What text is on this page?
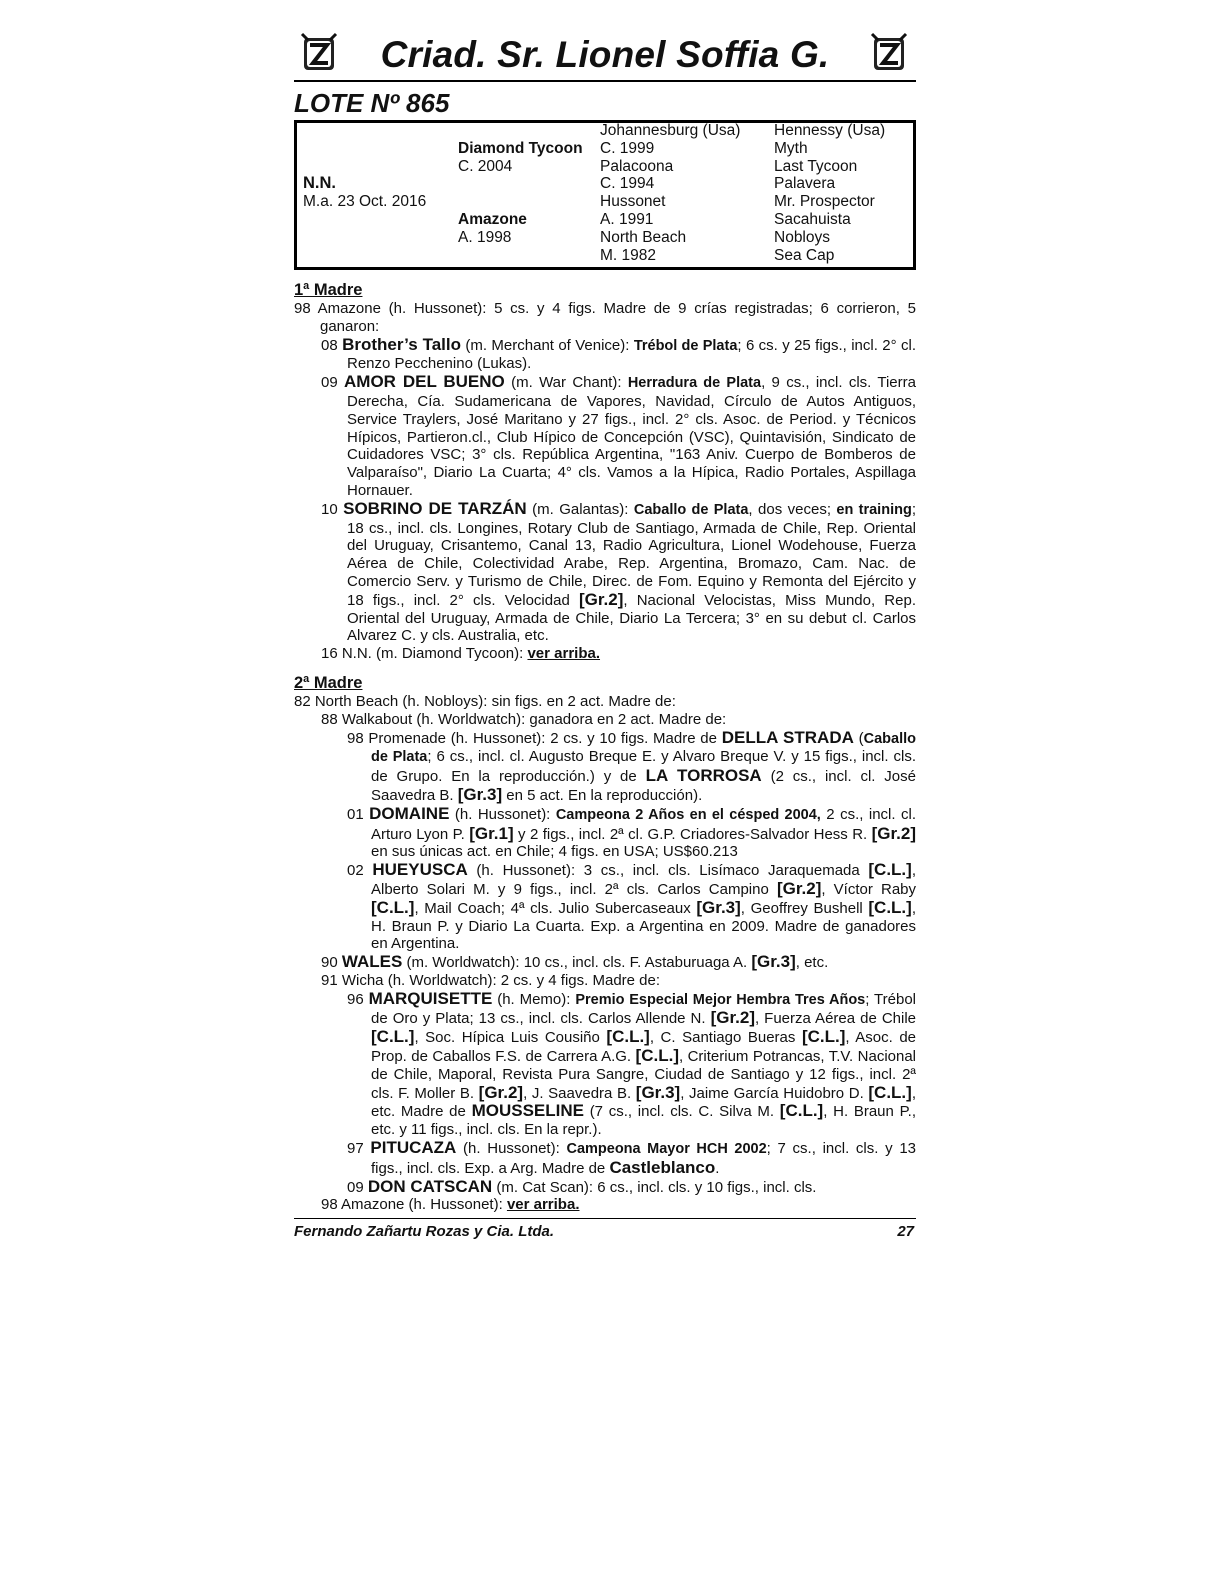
Criad. Sr. Lionel Soffia G.
LOTE Nº 865
N.N.
M.a. 23 Oct. 2016
Diamond Tycoon
C. 2004
Amazone
A. 1998
Johannesburg (Usa)
C. 1999
Palacoona
C. 1994
Hussonet
A. 1991
North Beach
M. 1982
Hennessy (Usa)
Myth
Last Tycoon
Palavera
Mr. Prospector
Sacahuista
Nobloys
Sea Cap
1ª Madre
98 Amazone (h. Hussonet): 5 cs. y 4 figs. Madre de 9 crías registradas; 6 corrieron, 5 ganaron:
08 Brother’s Tallo (m. Merchant of Venice): Trébol de Plata; 6 cs. y 25 figs., incl. 2° cl. Renzo Pecchenino (Lukas).
09 AMOR DEL BUENO (m. War Chant): Herradura de Plata, 9 cs., incl. cls. Tierra Derecha, Cía. Sudamericana de Vapores, Navidad, Círculo de Autos Antiguos, Service Traylers, José Maritano y 27 figs., incl. 2° cls. Asoc. de Period. y Técnicos Hípicos, Partieron.cl., Club Hípico de Concepción (VSC), Quintavisión, Sindicato de Cuidadores VSC; 3° cls. República Argentina, "163 Aniv. Cuerpo de Bomberos de Valparaíso", Diario La Cuarta; 4° cls. Vamos a la Hípica, Radio Portales, Aspillaga Hornauer.
10 SOBRINO DE TARZÁN (m. Galantas): Caballo de Plata, dos veces; en training; 18 cs., incl. cls. Longines, Rotary Club de Santiago, Armada de Chile, Rep. Oriental del Uruguay, Crisantemo, Canal 13, Radio Agricultura, Lionel Wodehouse, Fuerza Aérea de Chile, Colectividad Arabe, Rep. Argentina, Bromazo, Cam. Nac. de Comercio Serv. y Turismo de Chile, Direc. de Fom. Equino y Remonta del Ejército y 18 figs., incl. 2° cls. Velocidad [Gr.2], Nacional Velocistas, Miss Mundo, Rep. Oriental del Uruguay, Armada de Chile, Diario La Tercera; 3° en su debut cl. Carlos Alvarez C. y cls. Australia, etc.
16 N.N. (m. Diamond Tycoon): ver arriba.
2ª Madre
82 North Beach (h. Nobloys): sin figs. en 2 act. Madre de:
88 Walkabout (h. Worldwatch): ganadora en 2 act. Madre de:
98 Promenade (h. Hussonet): 2 cs. y 10 figs. Madre de DELLA STRADA (Caballo de Plata; 6 cs., incl. cl. Augusto Breque E. y Alvaro Breque V. y 15 figs., incl. cls. de Grupo. En la reproducción.) y de LA TORROSA (2 cs., incl. cl. José Saavedra B. [Gr.3] en 5 act. En la reproducción).
01 DOMAINE (h. Hussonet): Campeona 2 Años en el césped 2004, 2 cs., incl. cl. Arturo Lyon P. [Gr.1] y 2 figs., incl. 2ª cl. G.P. Criadores-Salvador Hess R. [Gr.2] en sus únicas act. en Chile; 4 figs. en USA; US$60.213
02 HUEYUSCA (h. Hussonet): 3 cs., incl. cls. Lisímaco Jaraquemada [C.L.], Alberto Solari M. y 9 figs., incl. 2ª cls. Carlos Campino [Gr.2], Víctor Raby [C.L.], Mail Coach; 4ª cls. Julio Subercaseaux [Gr.3], Geoffrey Bushell [C.L.], H. Braun P. y Diario La Cuarta. Exp. a Argentina en 2009. Madre de ganadores en Argentina.
90 WALES (m. Worldwatch): 10 cs., incl. cls. F. Astaburuaga A. [Gr.3], etc.
91 Wicha (h. Worldwatch): 2 cs. y 4 figs. Madre de:
96 MARQUISETTE (h. Memo): Premio Especial Mejor Hembra Tres Años; Trébol de Oro y Plata; 13 cs., incl. cls. Carlos Allende N. [Gr.2], Fuerza Aérea de Chile [C.L.], Soc. Hípica Luis Cousiño [C.L.], C. Santiago Bueras [C.L.], Asoc. de Prop. de Caballos F.S. de Carrera A.G. [C.L.], Criterium Potrancas, T.V. Nacional de Chile, Maporal, Revista Pura Sangre, Ciudad de Santiago y 12 figs., incl. 2ª cls. F. Moller B. [Gr.2], J. Saavedra B. [Gr.3], Jaime García Huidobro D. [C.L.], etc. Madre de MOUSSELINE (7 cs., incl. cls. C. Silva M. [C.L.], H. Braun P., etc. y 11 figs., incl. cls. En la repr.).
97 PITUCAZA (h. Hussonet): Campeona Mayor HCH 2002; 7 cs., incl. cls. y 13 figs., incl. cls. Exp. a Arg. Madre de Castleblanco.
09 DON CATSCAN (m. Cat Scan): 6 cs., incl. cls. y 10 figs., incl. cls.
98 Amazone (h. Hussonet): ver arriba.
Fernando Zañartu Rozas y Cia. Ltda.	27
